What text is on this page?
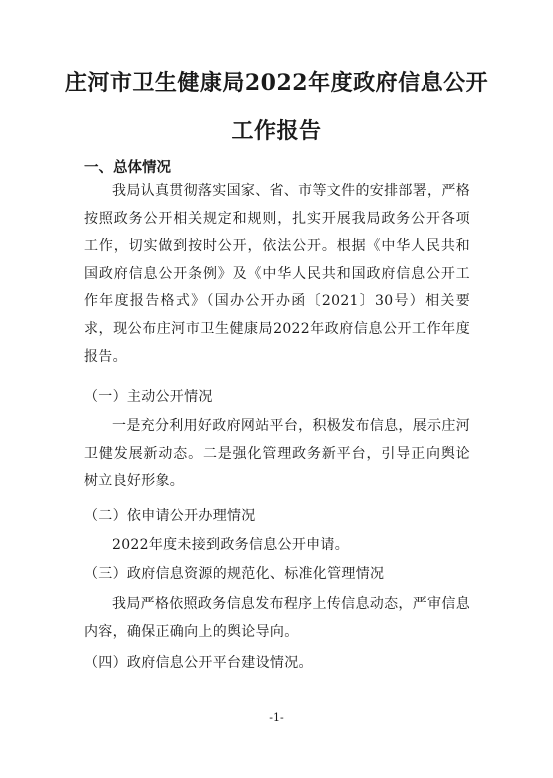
庄河市卫生健康局2022年度政府信息公开
工作报告
一、总体情况

我局认真贯彻落实国家、省、市等文件的安排部署，严格按照政务公开相关规定和规则，扎实开展我局政务公开各项工作，切实做到按时公开，依法公开。根据《中华人民共和国政府信息公开条例》及《中华人民共和国政府信息公开工作年度报告格式》（国办公开办函〔2021〕30号）相关要求，现公布庄河市卫生健康局2022年政府信息公开工作年度报告。

（一）主动公开情况

一是充分利用好政府网站平台，积极发布信息，展示庄河卫健发展新动态。二是强化管理政务新平台，引导正向舆论树立良好形象。

（二）依申请公开办理情况

2022年度未接到政务信息公开申请。

（三）政府信息资源的规范化、标准化管理情况

我局严格依照政务信息发布程序上传信息动态，严审信息内容，确保正确向上的舆论导向。

（四）政府信息公开平台建设情况。
-1-
